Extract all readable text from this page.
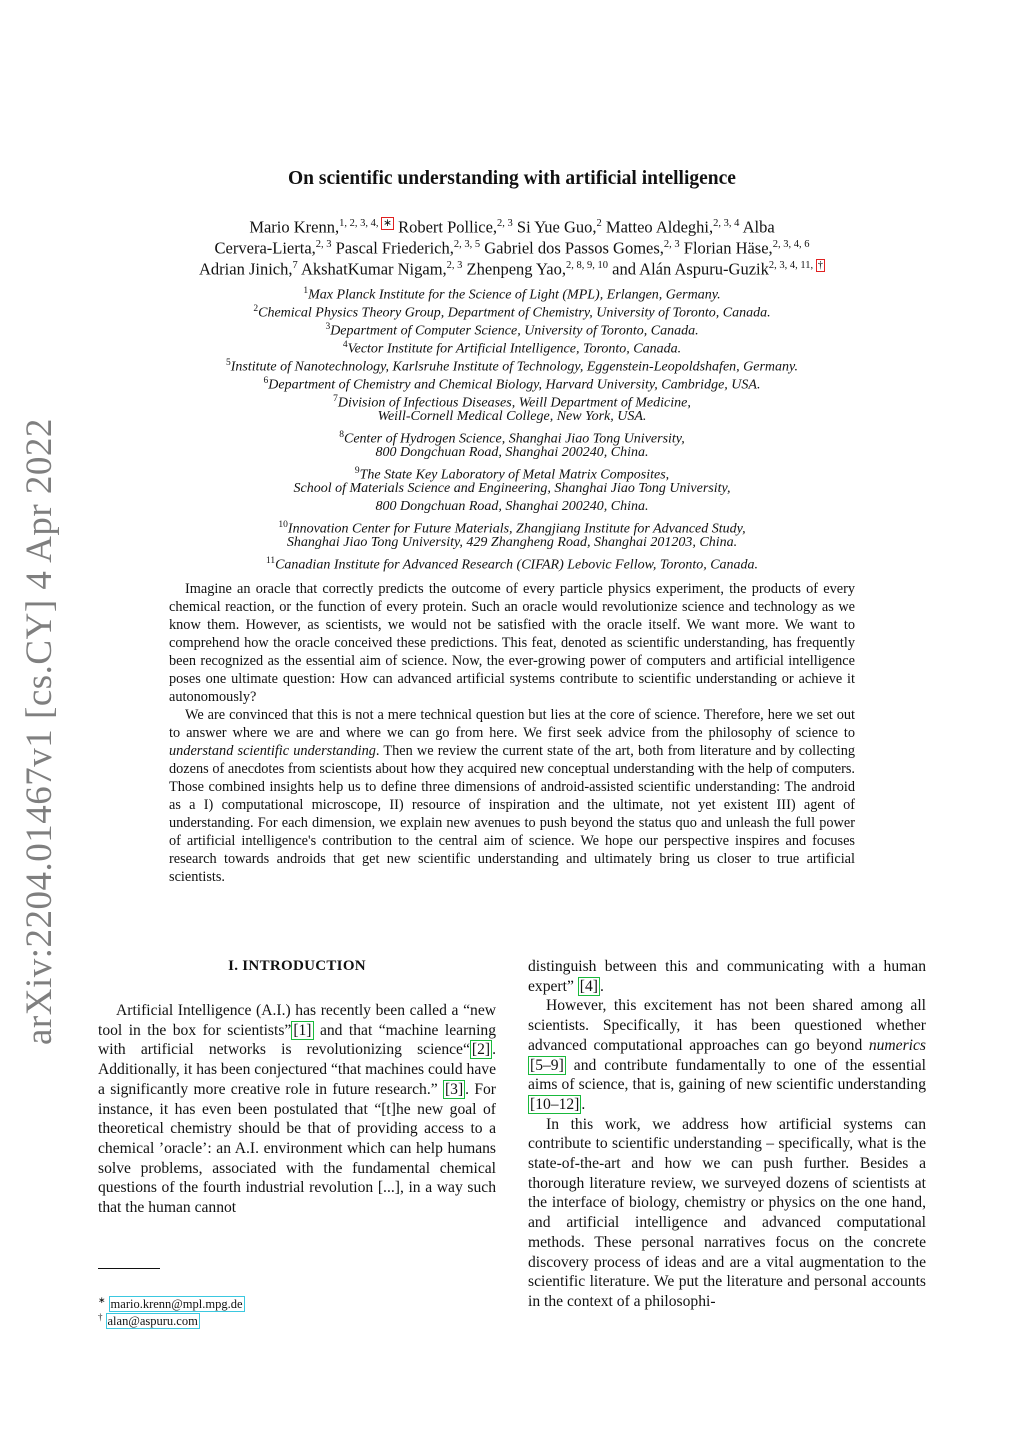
arXiv:2204.01467v1 [cs.CY] 4 Apr 2022
On scientific understanding with artificial intelligence
Mario Krenn,$^{1, 2, 3, 4,}$ ∗ Robert Pollice,$^{2, 3}$ Si Yue Guo,$^2$ Matteo Aldeghi,$^{2, 3, 4}$ Alba
Cervera-Lierta,$^{2, 3}$ Pascal Friederich,$^{2, 3, 5}$ Gabriel dos Passos Gomes,$^{2, 3}$ Florian Häse,$^{2, 3, 4, 6}$
Adrian Jinich,$^7$ AkshatKumar Nigam,$^{2, 3}$ Zhenpeng Yao,$^{2, 8, 9, 10}$ and Alán Aspuru-Guzik$^{2, 3, 4, 11,}$ †
$^1$Max Planck Institute for the Science of Light (MPL), Erlangen, Germany.
$^2$Chemical Physics Theory Group, Department of Chemistry, University of Toronto, Canada.
$^3$Department of Computer Science, University of Toronto, Canada.
$^4$Vector Institute for Artificial Intelligence, Toronto, Canada.
$^5$Institute of Nanotechnology, Karlsruhe Institute of Technology, Eggenstein-Leopoldshafen, Germany.
$^6$Department of Chemistry and Chemical Biology, Harvard University, Cambridge, USA.
$^7$Division of Infectious Diseases, Weill Department of Medicine,
Weill-Cornell Medical College, New York, USA.
$^8$Center of Hydrogen Science, Shanghai Jiao Tong University,
800 Dongchuan Road, Shanghai 200240, China.
$^9$The State Key Laboratory of Metal Matrix Composites,
School of Materials Science and Engineering, Shanghai Jiao Tong University,
800 Dongchuan Road, Shanghai 200240, China.
$^{10}$Innovation Center for Future Materials, Zhangjiang Institute for Advanced Study,
Shanghai Jiao Tong University, 429 Zhangheng Road, Shanghai 201203, China.
$^{11}$Canadian Institute for Advanced Research (CIFAR) Lebovic Fellow, Toronto, Canada.

Imagine an oracle that correctly predicts the outcome of every particle physics experiment, the products of every chemical reaction, or the function of every protein. Such an oracle would revolutionize science and technology as we know them. However, as scientists, we would not be satisfied with the oracle itself. We want more. We want to comprehend how the oracle conceived these predictions. This feat, denoted as scientific understanding, has frequently been recognized as the essential aim of science. Now, the ever-growing power of computers and artificial intelligence poses one ultimate question: How can advanced artificial systems contribute to scientific understanding or achieve it autonomously?

We are convinced that this is not a mere technical question but lies at the core of science. Therefore, here we set out to answer where we are and where we can go from here. We first seek advice from the philosophy of science to understand scientific understanding. Then we review the current state of the art, both from literature and by collecting dozens of anecdotes from scientists about how they acquired new conceptual understanding with the help of computers. Those combined insights help us to define three dimensions of android-assisted scientific understanding: The android as a I) computational microscope, II) resource of inspiration and the ultimate, not yet existent III) agent of understanding. For each dimension, we explain new avenues to push beyond the status quo and unleash the full power of artificial intelligence's contribution to the central aim of science. We hope our perspective inspires and focuses research towards androids that get new scientific understanding and ultimately bring us closer to true artificial scientists.

I. INTRODUCTION

Artificial Intelligence (A.I.) has recently been called a “new tool in the box for scientists” [1] and that “machine learning with artificial networks is revolutionizing science“ [2] . Additionally, it has been conjectured “that machines could have a significantly more creative role in future research.” [3] . For instance, it has even been postulated that “[t]he new goal of theoretical chemistry should be that of providing access to a chemical ’oracle’: an A.I. environment which can help humans solve problems, associated with the fundamental chemical questions of the fourth industrial revolution [...], in a way such that the human cannot

distinguish between this and communicating with a human expert” [4] .

However, this excitement has not been shared among all scientists. Specifically, it has been questioned whether advanced computational approaches can go beyond numerics [5–9] and contribute fundamentally to one of the essential aims of science, that is, gaining of new scientific understanding [10–12] .

In this work, we address how artificial systems can contribute to scientific understanding – specifically, what is the state-of-the-art and how we can push further. Besides a thorough literature review, we surveyed dozens of scientists at the interface of biology, chemistry or physics on the one hand, and artificial intelligence and advanced computational methods. These personal narratives focus on the concrete discovery process of ideas and are a vital augmentation to the scientific literature. We put the literature and personal accounts in the context of a philosophi-

∗ mario.krenn@mpl.mpg.de
† alan@aspuru.com
